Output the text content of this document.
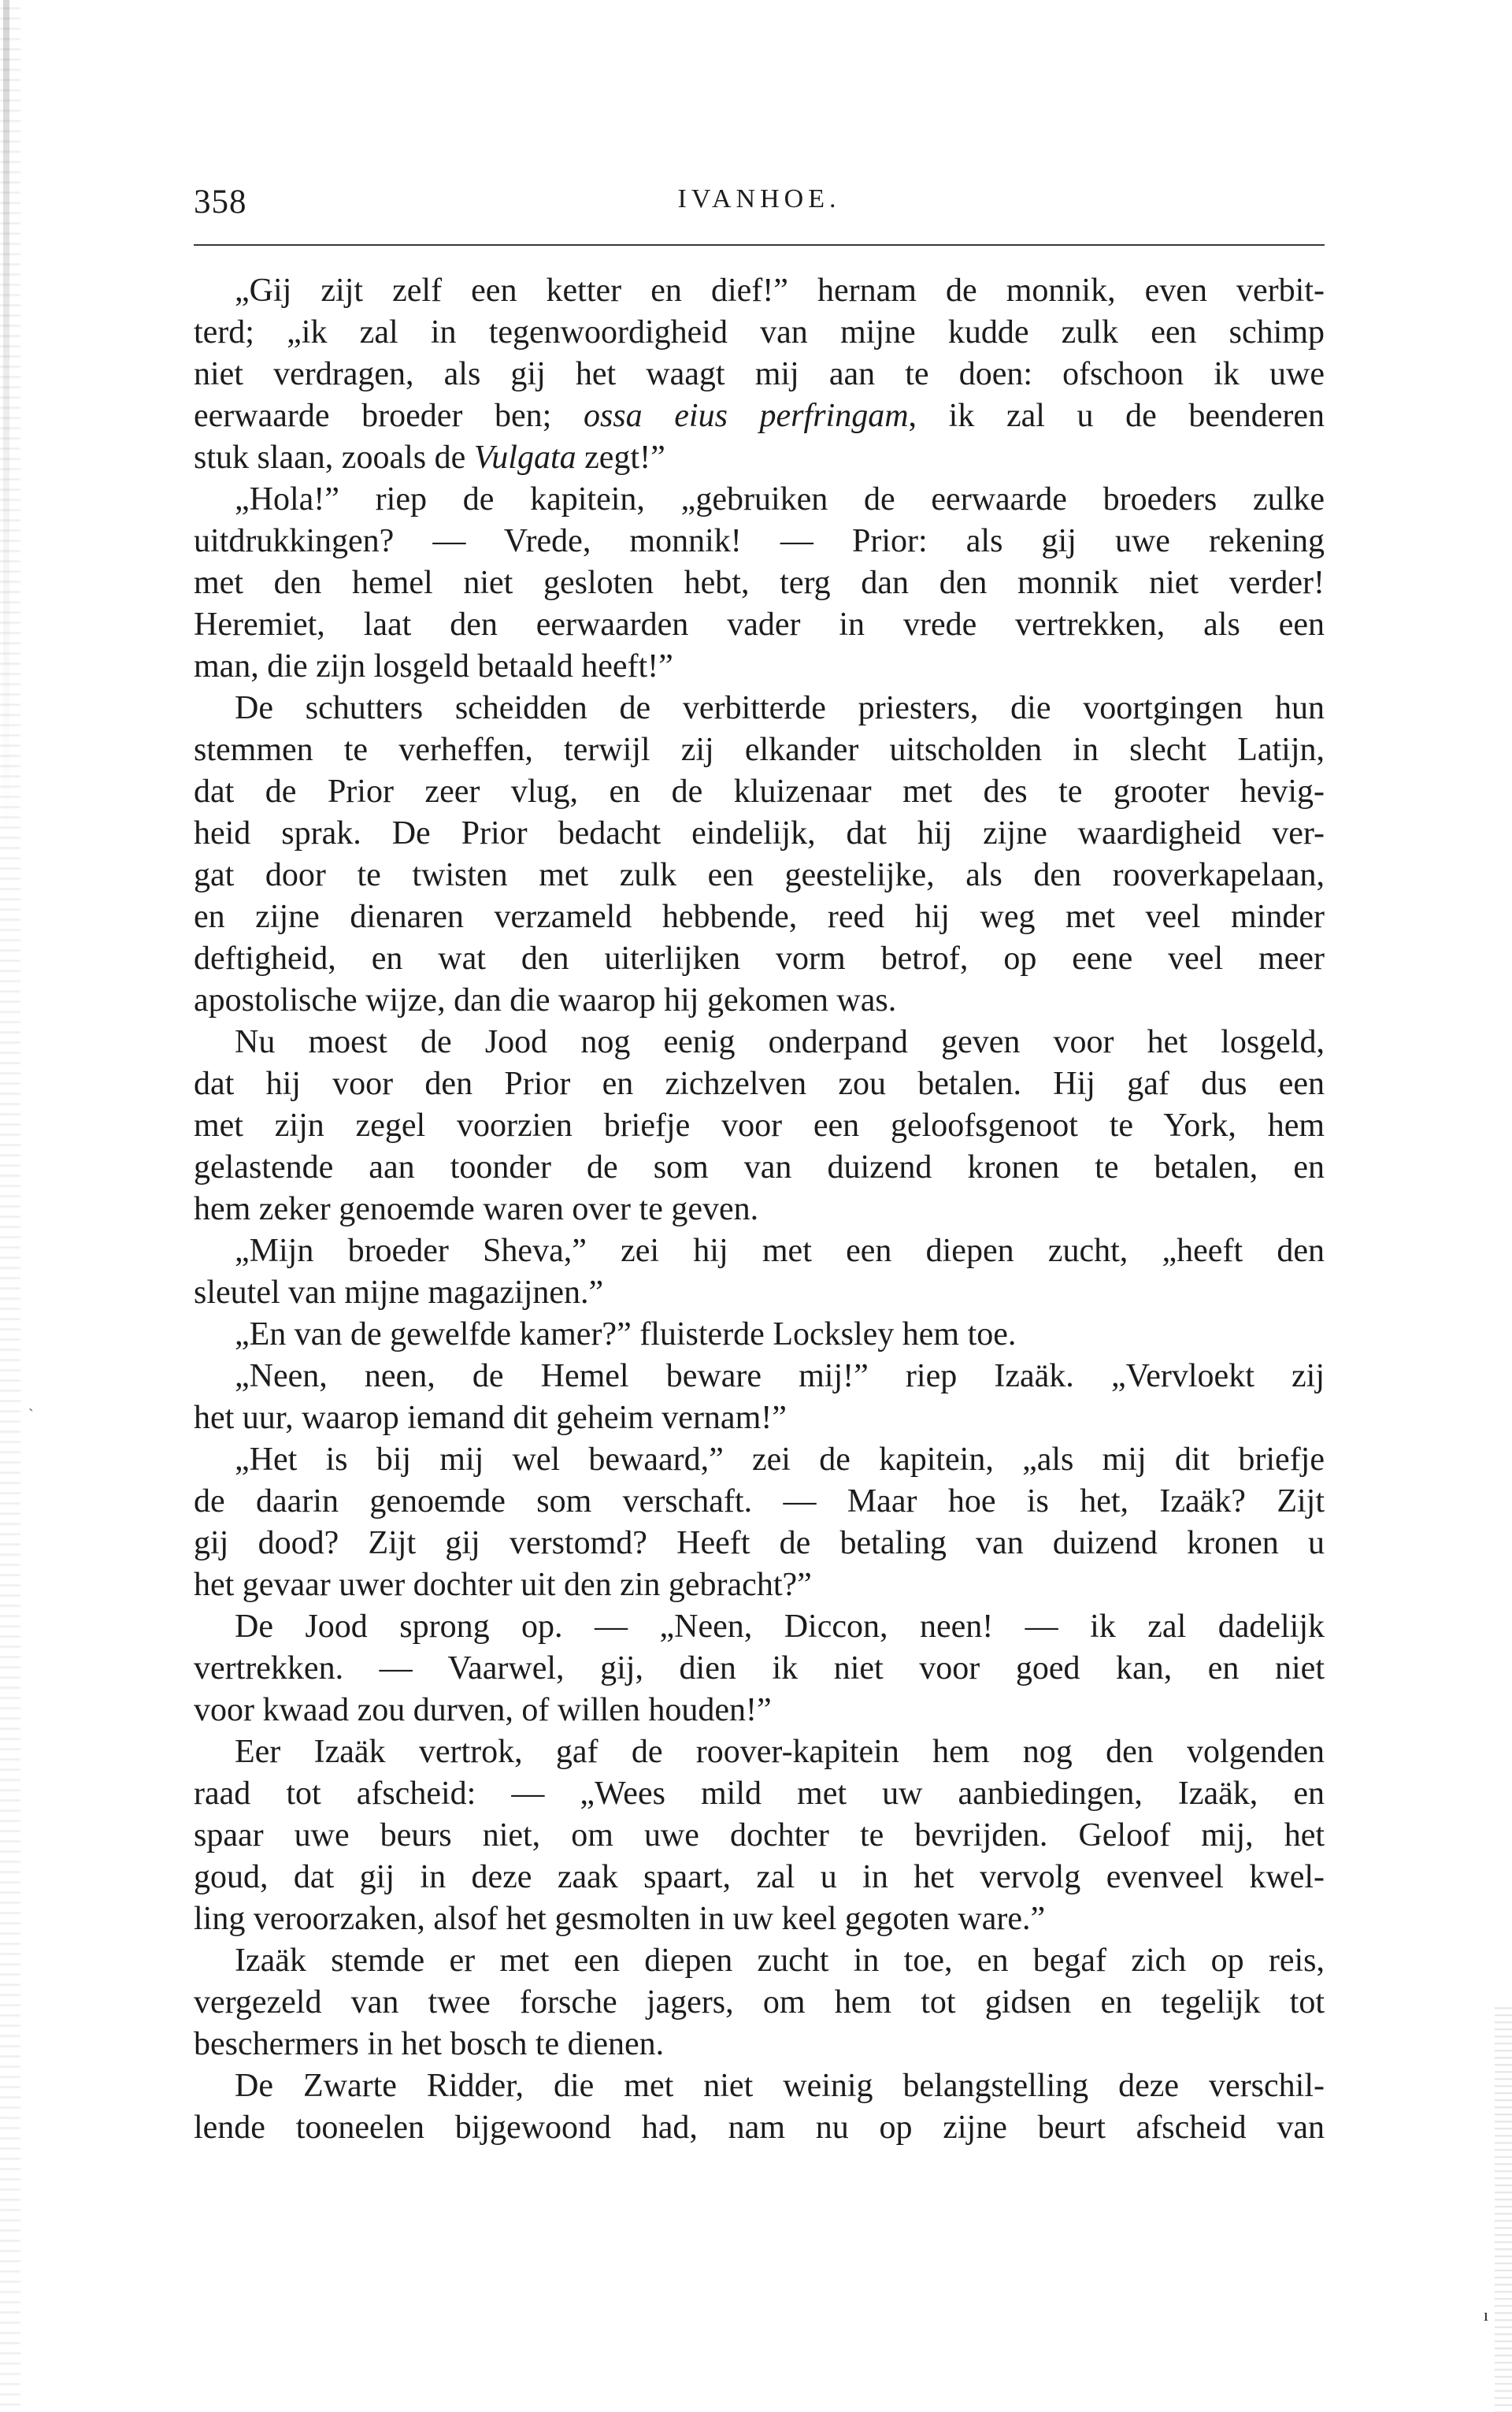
358	IVANHOE.
„Gij zijt zelf een ketter en dief!” hernam de monnik, even verbit-
terd; „ik zal in tegenwoordigheid van mijne kudde zulk een schimp
niet verdragen, als gij het waagt mij aan te doen: ofschoon ik uwe
eerwaarde broeder ben; ossa eius perfringam, ik zal u de beenderen
stuk slaan, zooals de Vulgata zegt!”
„Hola!” riep de kapitein, „gebruiken de eerwaarde broeders zulke
uitdrukkingen? — Vrede, monnik! — Prior: als gij uwe rekening
met den hemel niet gesloten hebt, terg dan den monnik niet verder!
Heremiet, laat den eerwaarden vader in vrede vertrekken, als een
man, die zijn losgeld betaald heeft!”
De schutters scheidden de verbitterde priesters, die voortgingen hun
stemmen te verheffen, terwijl zij elkander uitscholden in slecht Latijn,
dat de Prior zeer vlug, en de kluizenaar met des te grooter hevig-
heid sprak. De Prior bedacht eindelijk, dat hij zijne waardigheid ver-
gat door te twisten met zulk een geestelijke, als den rooverkapelaan,
en zijne dienaren verzameld hebbende, reed hij weg met veel minder
deftigheid, en wat den uiterlijken vorm betrof, op eene veel meer
apostolische wijze, dan die waarop hij gekomen was.
Nu moest de Jood nog eenig onderpand geven voor het losgeld,
dat hij voor den Prior en zichzelven zou betalen. Hij gaf dus een
met zijn zegel voorzien briefje voor een geloofsgenoot te York, hem
gelastende aan toonder de som van duizend kronen te betalen, en
hem zeker genoemde waren over te geven.
„Mijn broeder Sheva,” zei hij met een diepen zucht, „heeft den
sleutel van mijne magazijnen.”
„En van de gewelfde kamer?” fluisterde Locksley hem toe.
„Neen, neen, de Hemel beware mij!” riep Izaäk. „Vervloekt zij
het uur, waarop iemand dit geheim vernam!”
„Het is bij mij wel bewaard,” zei de kapitein, „als mij dit briefje
de daarin genoemde som verschaft. — Maar hoe is het, Izaäk? Zijt
gij dood? Zijt gij verstomd? Heeft de betaling van duizend kronen u
het gevaar uwer dochter uit den zin gebracht?”
De Jood sprong op. — „Neen, Diccon, neen! — ik zal dadelijk
vertrekken. — Vaarwel, gij, dien ik niet voor goed kan, en niet
voor kwaad zou durven, of willen houden!”
Eer Izaäk vertrok, gaf de roover-kapitein hem nog den volgenden
raad tot afscheid: — „Wees mild met uw aanbiedingen, Izaäk, en
spaar uwe beurs niet, om uwe dochter te bevrijden. Geloof mij, het
goud, dat gij in deze zaak spaart, zal u in het vervolg evenveel kwel-
ling veroorzaken, alsof het gesmolten in uw keel gegoten ware.”
Izaäk stemde er met een diepen zucht in toe, en begaf zich op reis,
vergezeld van twee forsche jagers, om hem tot gidsen en tegelijk tot
beschermers in het bosch te dienen.
De Zwarte Ridder, die met niet weinig belangstelling deze verschil-
lende tooneelen bijgewoond had, nam nu op zijne beurt afscheid van
ı
ˎ
